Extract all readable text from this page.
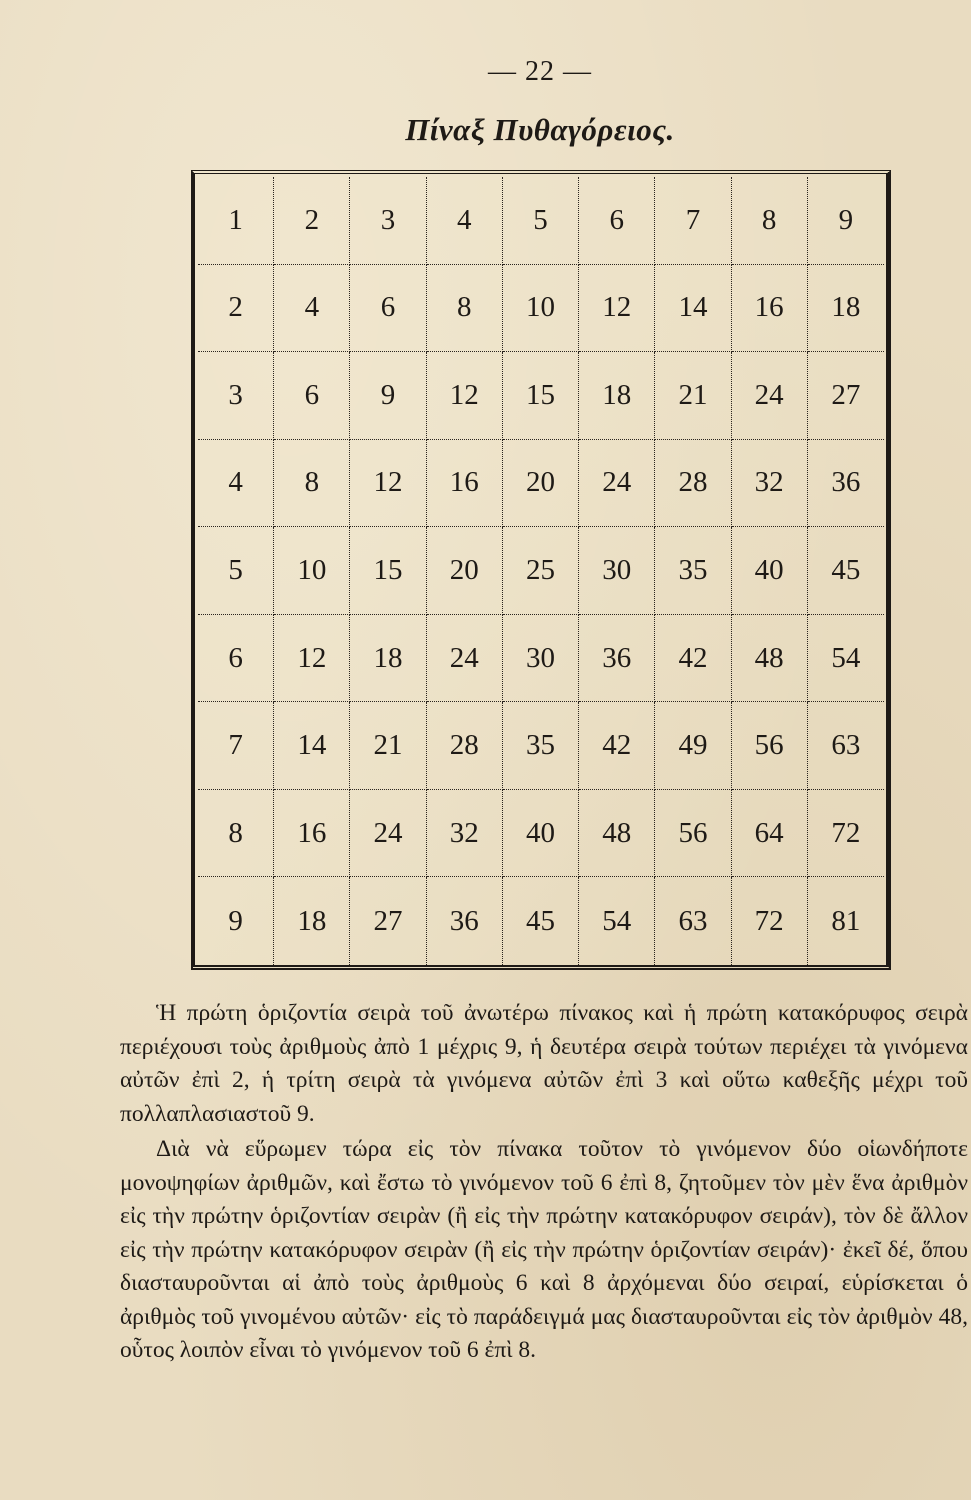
— 22 —
Πίναξ Πυθαγόρειος.
1	2	3	4	5	6	7	8	9
2	4	6	8	10	12	14	16	18
3	6	9	12	15	18	21	24	27
4	8	12	16	20	24	28	32	36
5	10	15	20	25	30	35	40	45
6	12	18	24	30	36	42	48	54
7	14	21	28	35	42	49	56	63
8	16	24	32	40	48	56	64	72
9	18	27	36	45	54	63	72	81

Ἡ πρώτη ὁριζοντία σειρὰ τοῦ ἀνωτέρω πίνακος καὶ ἡ πρώτη κατακόρυφος σειρὰ περιέχουσι τοὺς ἀριθμοὺς ἀπὸ 1 μέχρις 9, ἡ δευτέρα σειρὰ τούτων περιέχει τὰ γινόμενα αὐτῶν ἐπὶ 2, ἡ τρίτη σειρὰ τὰ γινόμενα αὐτῶν ἐπὶ 3 καὶ οὕτω καθεξῆς μέχρι τοῦ πολλαπλασιαστοῦ 9.

Διὰ νὰ εὕρωμεν τώρα εἰς τὸν πίνακα τοῦτον τὸ γινόμενον δύο οἱωνδήποτε μονοψηφίων ἀριθμῶν, καὶ ἔστω τὸ γινόμενον τοῦ 6 ἐπὶ 8, ζητοῦμεν τὸν μὲν ἕνα ἀριθμὸν εἰς τὴν πρώτην ὁριζοντίαν σειρὰν (ἢ εἰς τὴν πρώτην κατακόρυφον σειράν), τὸν δὲ ἄλλον εἰς τὴν πρώτην κατακόρυφον σειρὰν (ἢ εἰς τὴν πρώτην ὁριζοντίαν σειράν)· ἐκεῖ δέ, ὅπου διασταυροῦνται αἱ ἀπὸ τοὺς ἀριθμοὺς 6 καὶ 8 ἀρχόμεναι δύο σειραί, εὑρίσκεται ὁ ἀριθμὸς τοῦ γινομένου αὐτῶν· εἰς τὸ παράδειγμά μας διασταυροῦνται εἰς τὸν ἀριθμὸν 48, οὗτος λοιπὸν εἶναι τὸ γινόμενον τοῦ 6 ἐπὶ 8.
